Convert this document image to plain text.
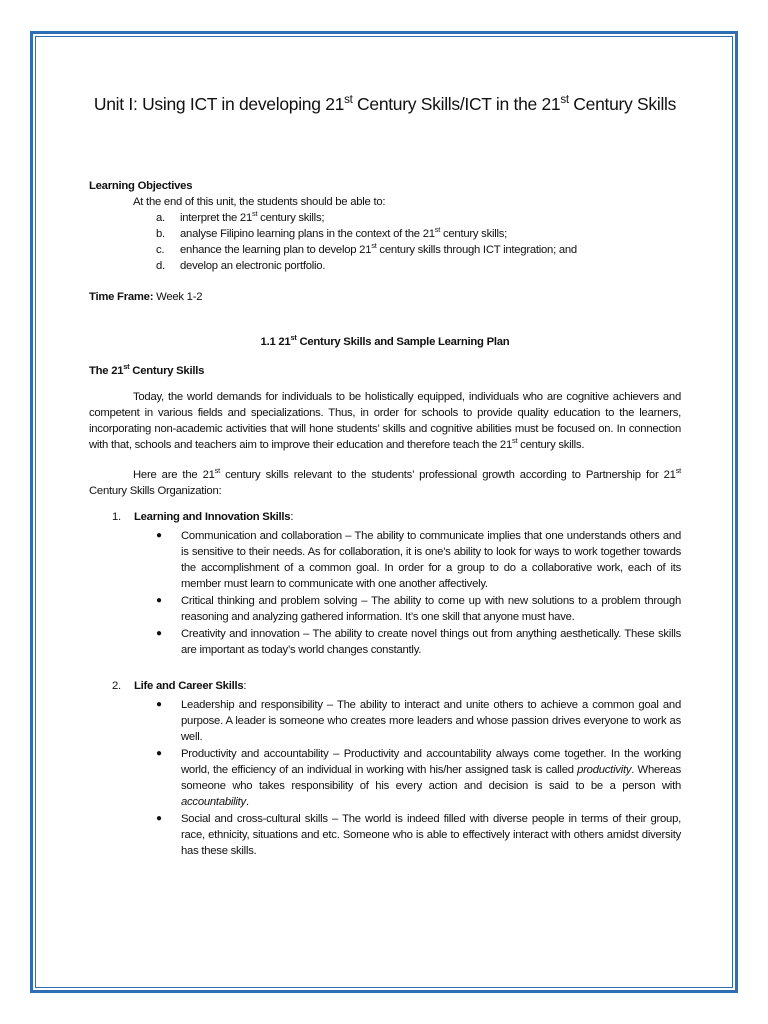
Unit I: Using ICT in developing 21st Century Skills/ICT in the 21st Century Skills

Learning Objectives

At the end of this unit, the students should be able to:

a. interpret the 21st century skills;
b. analyse Filipino learning plans in the context of the 21st century skills;
c. enhance the learning plan to develop 21st century skills through ICT integration; and
d. develop an electronic portfolio.

Time Frame: Week 1-2

1.1 21st Century Skills and Sample Learning Plan

The 21st Century Skills

Today, the world demands for individuals to be holistically equipped, individuals who are cognitive achievers and competent in various fields and specializations. Thus, in order for schools to provide quality education to the learners, incorporating non-academic activities that will hone students’ skills and cognitive abilities must be focused on. In connection with that, schools and teachers aim to improve their education and therefore teach the 21st century skills.

Here are the 21st century skills relevant to the students’ professional growth according to Partnership for 21st Century Skills Organization:

1. Learning and Innovation Skills:

● Communication and collaboration – The ability to communicate implies that one understands others and is sensitive to their needs. As for collaboration, it is one’s ability to look for ways to work together towards the accomplishment of a common goal. In order for a group to do a collaborative work, each of its member must learn to communicate with one another affectively.
● Critical thinking and problem solving – The ability to come up with new solutions to a problem through reasoning and analyzing gathered information. It’s one skill that anyone must have.
● Creativity and innovation – The ability to create novel things out from anything aesthetically. These skills are important as today’s world changes constantly.

2. Life and Career Skills:

● Leadership and responsibility – The ability to interact and unite others to achieve a common goal and purpose. A leader is someone who creates more leaders and whose passion drives everyone to work as well.
● Productivity and accountability – Productivity and accountability always come together. In the working world, the efficiency of an individual in working with his/her assigned task is called productivity. Whereas someone who takes responsibility of his every action and decision is said to be a person with accountability.
● Social and cross-cultural skills – The world is indeed filled with diverse people in terms of their group, race, ethnicity, situations and etc. Someone who is able to effectively interact with others amidst diversity has these skills.
